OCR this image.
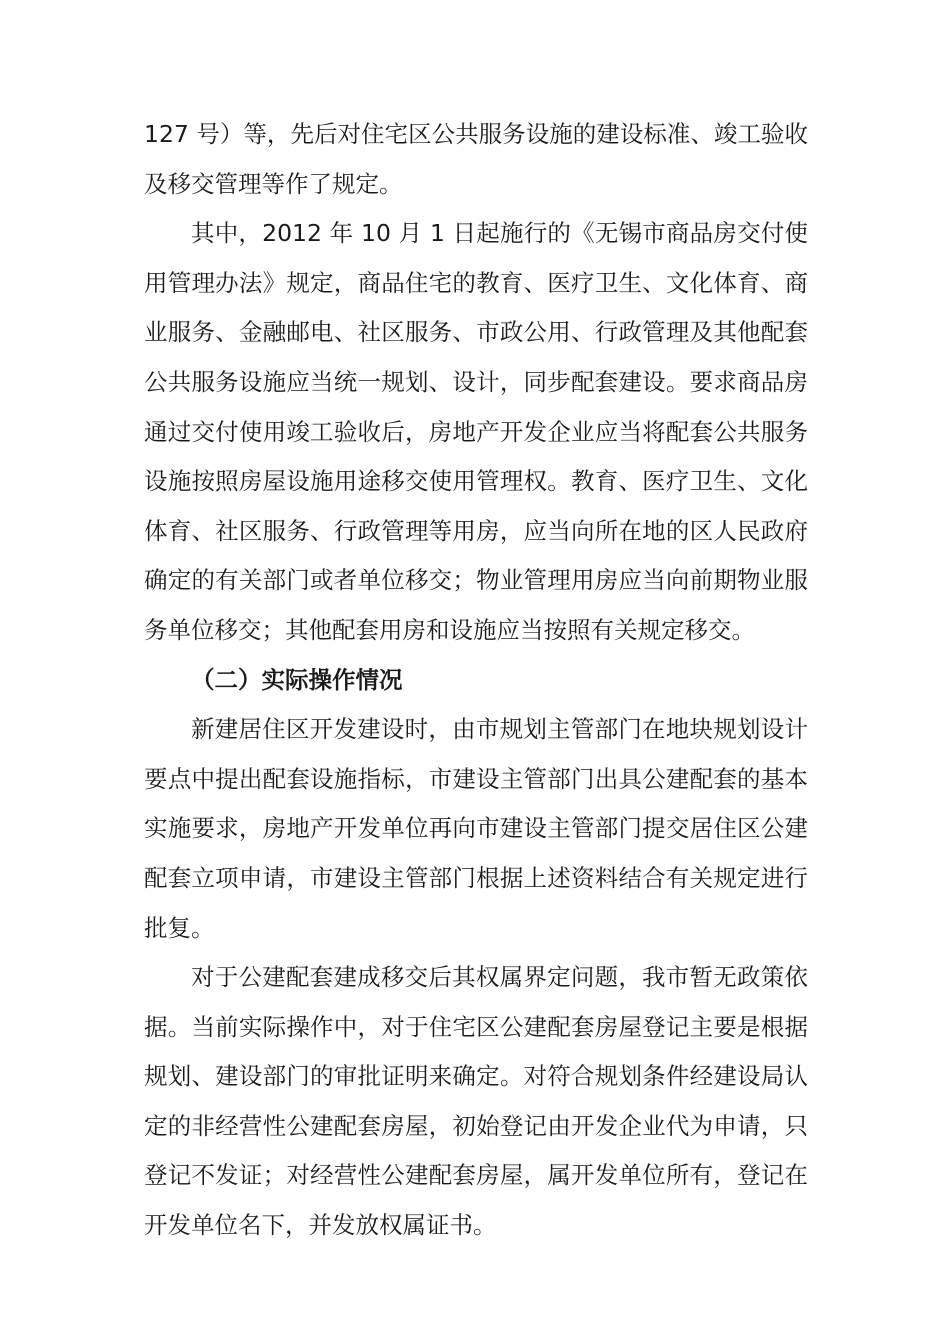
127 号）等，先后对住宅区公共服务设施的建设标准、竣工验收及移交管理等作了规定。

其中，2012 年 10 月 1 日起施行的《无锡市商品房交付使用管理办法》规定，商品住宅的教育、医疗卫生、文化体育、商业服务、金融邮电、社区服务、市政公用、行政管理及其他配套公共服务设施应当统一规划、设计，同步配套建设。要求商品房通过交付使用竣工验收后，房地产开发企业应当将配套公共服务设施按照房屋设施用途移交使用管理权。教育、医疗卫生、文化体育、社区服务、行政管理等用房，应当向所在地的区人民政府确定的有关部门或者单位移交；物业管理用房应当向前期物业服务单位移交；其他配套用房和设施应当按照有关规定移交。

（二）实际操作情况

新建居住区开发建设时，由市规划主管部门在地块规划设计要点中提出配套设施指标，市建设主管部门出具公建配套的基本实施要求，房地产开发单位再向市建设主管部门提交居住区公建配套立项申请，市建设主管部门根据上述资料结合有关规定进行批复。

对于公建配套建成移交后其权属界定问题，我市暂无政策依据。当前实际操作中，对于住宅区公建配套房屋登记主要是根据规划、建设部门的审批证明来确定。对符合规划条件经建设局认定的非经营性公建配套房屋，初始登记由开发企业代为申请，只登记不发证；对经营性公建配套房屋，属开发单位所有，登记在开发单位名下，并发放权属证书。
